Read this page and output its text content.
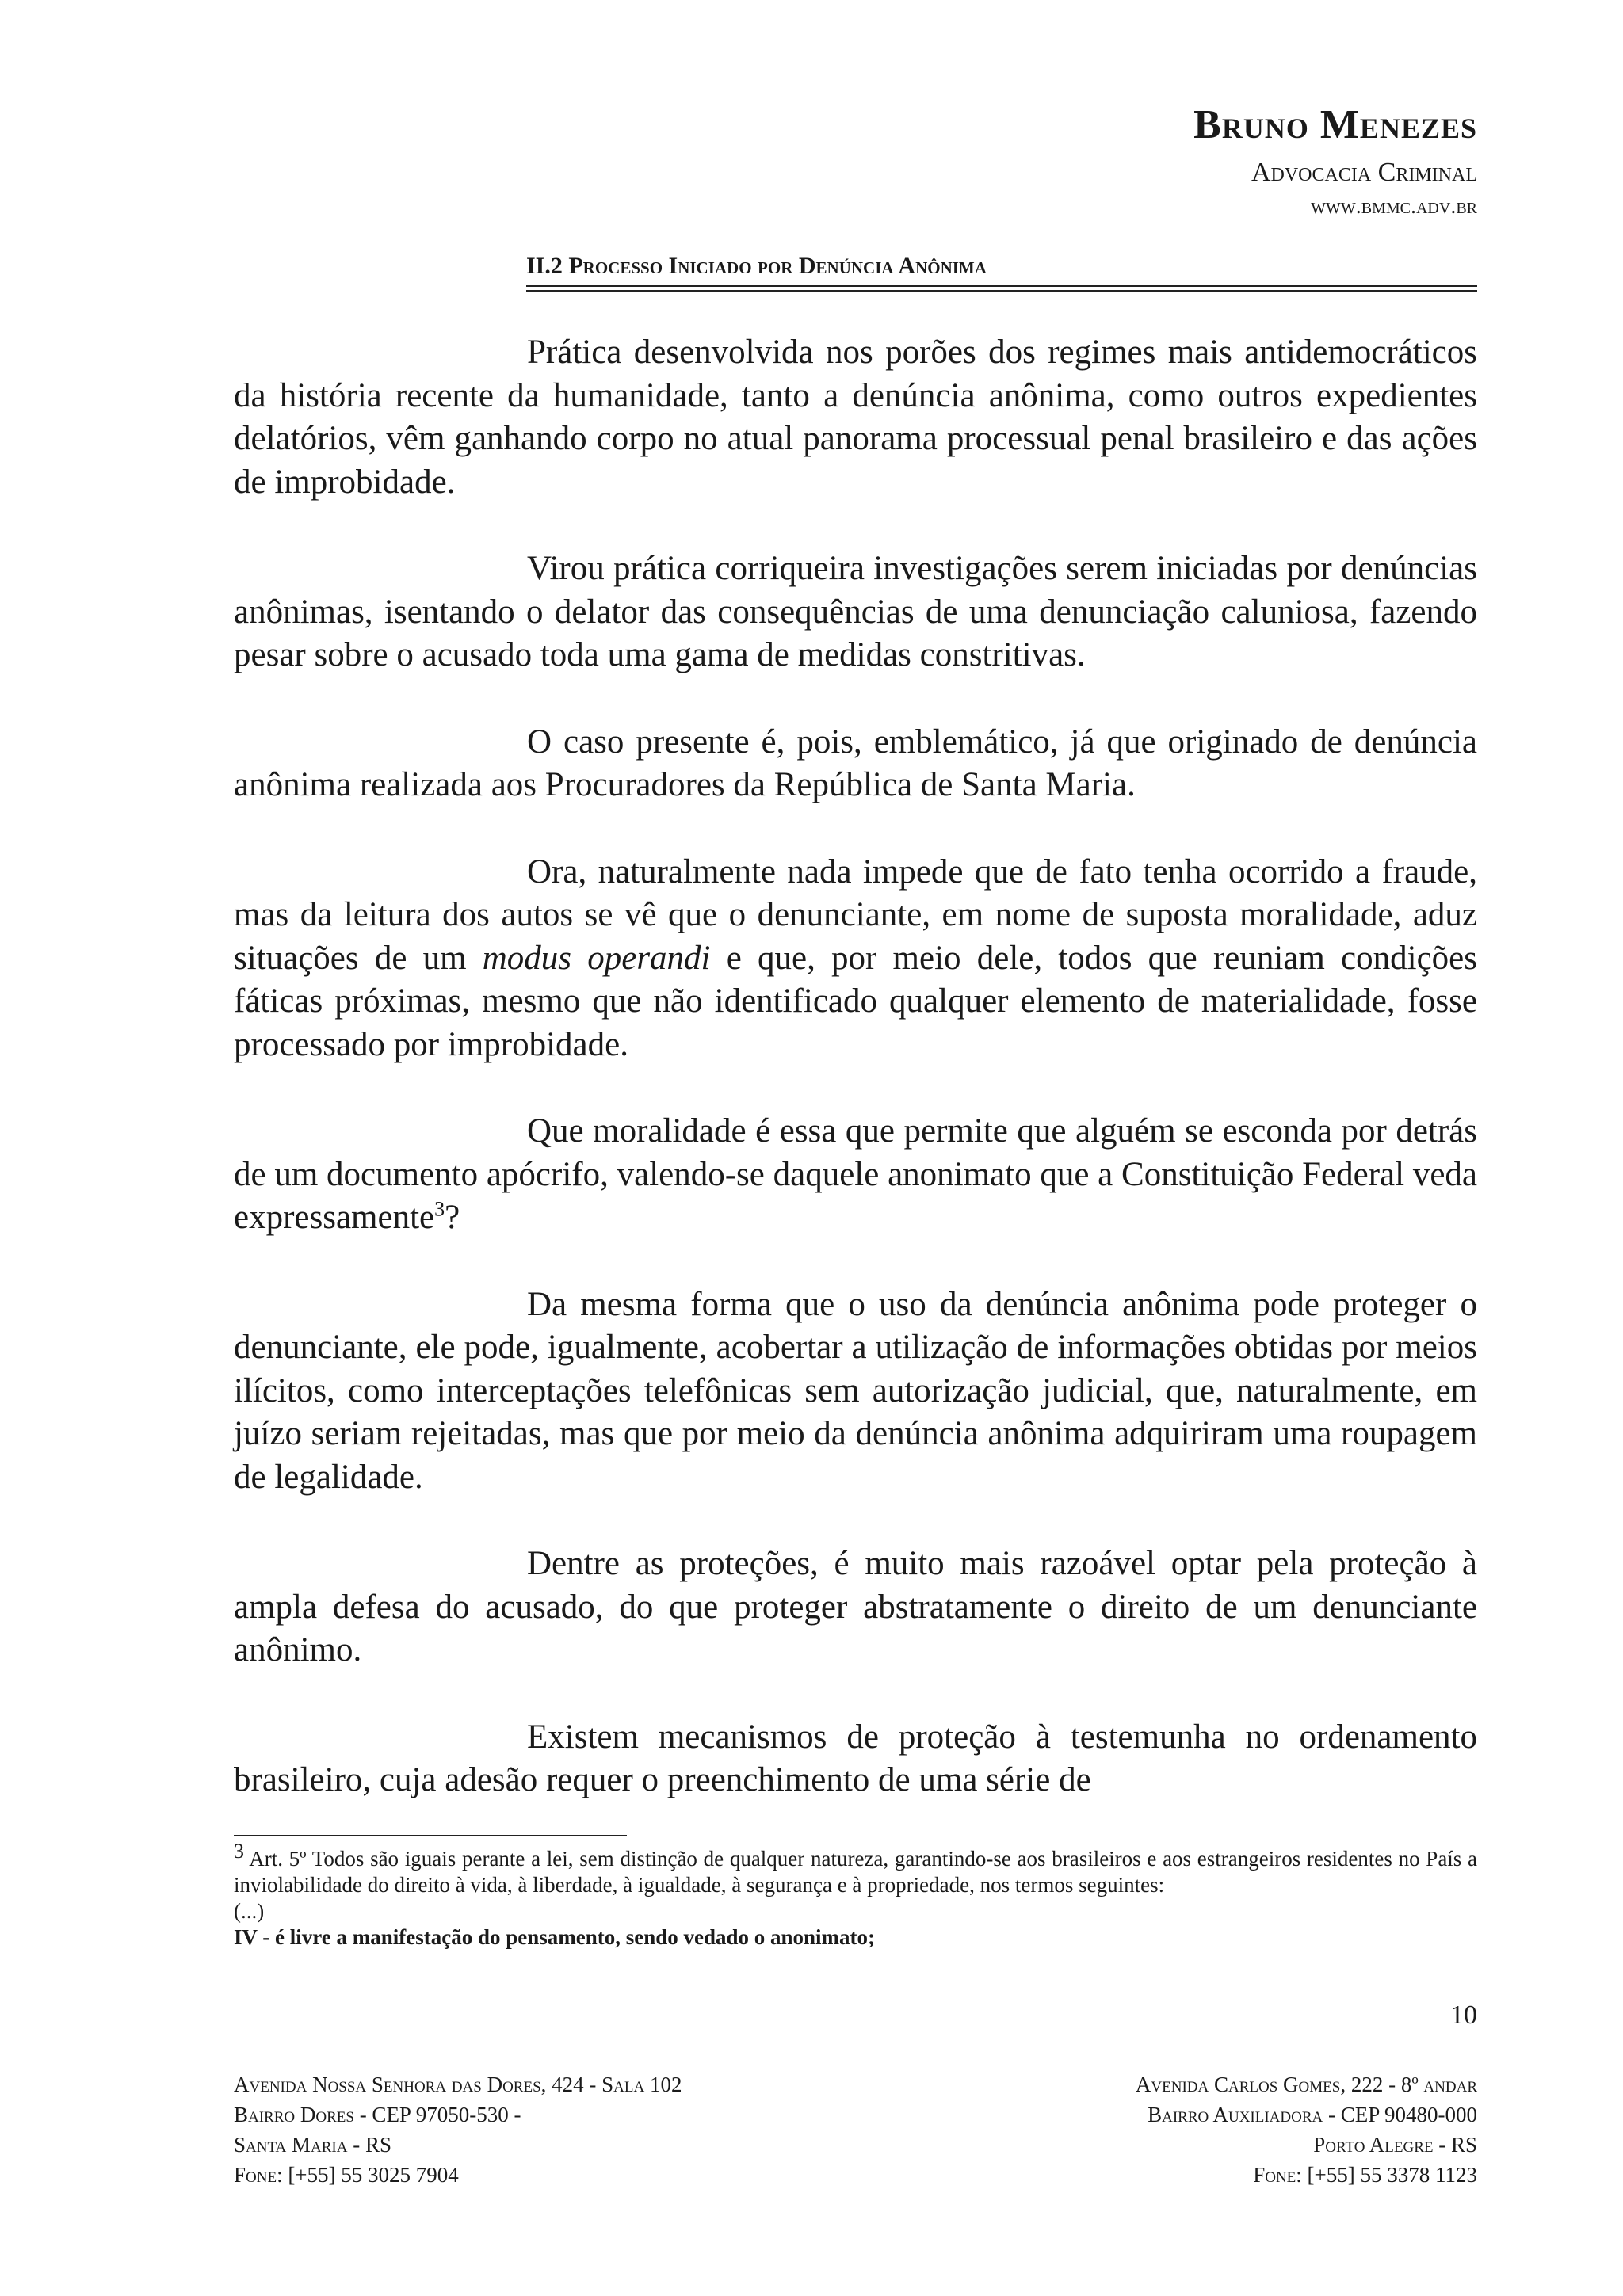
Bruno Menezes
Advocacia Criminal
www.bmmc.adv.br
II.2 Processo Iniciado por Denúncia Anônima

Prática desenvolvida nos porões dos regimes mais antidemocráticos da história recente da humanidade, tanto a denúncia anônima, como outros expedientes delatórios, vêm ganhando corpo no atual panorama processual penal brasileiro e das ações de improbidade.

Virou prática corriqueira investigações serem iniciadas por denúncias anônimas, isentando o delator das consequências de uma denunciação caluniosa, fazendo pesar sobre o acusado toda uma gama de medidas constritivas.

O caso presente é, pois, emblemático, já que originado de denúncia anônima realizada aos Procuradores da República de Santa Maria.

Ora, naturalmente nada impede que de fato tenha ocorrido a fraude, mas da leitura dos autos se vê que o denunciante, em nome de suposta moralidade, aduz situações de um modus operandi e que, por meio dele, todos que reuniam condições fáticas próximas, mesmo que não identificado qualquer elemento de materialidade, fosse processado por improbidade.

Que moralidade é essa que permite que alguém se esconda por detrás de um documento apócrifo, valendo-se daquele anonimato que a Constituição Federal veda expressamente$^3$?

Da mesma forma que o uso da denúncia anônima pode proteger o denunciante, ele pode, igualmente, acobertar a utilização de informações obtidas por meios ilícitos, como interceptações telefônicas sem autorização judicial, que, naturalmente, em juízo seriam rejeitadas, mas que por meio da denúncia anônima adquiriram uma roupagem de legalidade.

Dentre as proteções, é muito mais razoável optar pela proteção à ampla defesa do acusado, do que proteger abstratamente o direito de um denunciante anônimo.

Existem mecanismos de proteção à testemunha no ordenamento brasileiro, cuja adesão requer o preenchimento de uma série de

$^3$ Art. 5º Todos são iguais perante a lei, sem distinção de qualquer natureza, garantindo-se aos brasileiros e aos estrangeiros residentes no País a inviolabilidade do direito à vida, à liberdade, à igualdade, à segurança e à propriedade, nos termos seguintes:

(...)

IV - é livre a manifestação do pensamento, sendo vedado o anonimato;

10
Avenida Nossa Senhora das Dores, 424 - Sala 102
Bairro Dores - CEP 97050-530 -
Santa Maria - RS
Fone: [+55] 55 3025 7904
Avenida Carlos Gomes, 222 - 8º andar
Bairro Auxiliadora - CEP 90480-000
Porto Alegre - RS
Fone: [+55] 55 3378 1123
